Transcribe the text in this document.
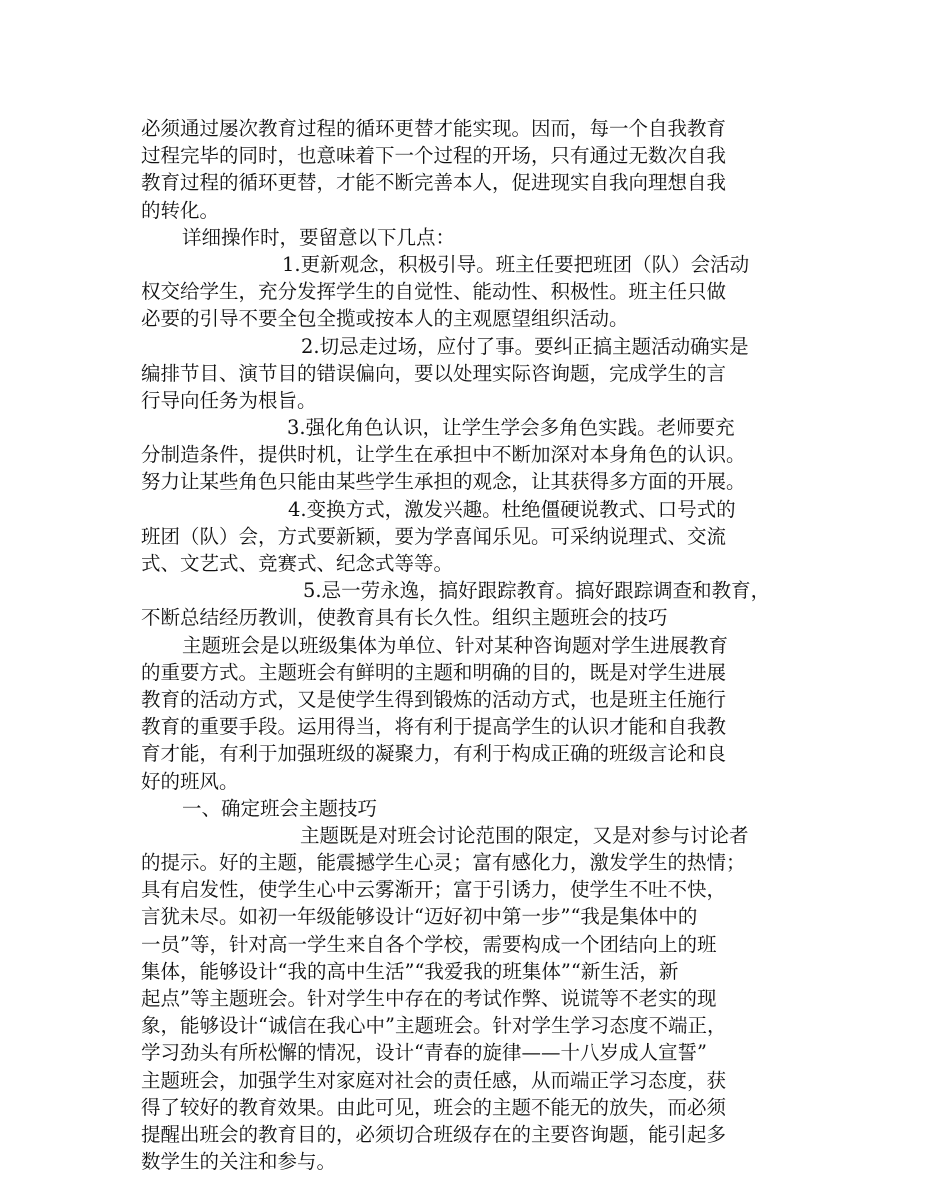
必须通过屡次教育过程的循环更替才能实现。因而，每一个自我教育
过程完毕的同时，也意味着下一个过程的开场，只有通过无数次自我
教育过程的循环更替，才能不断完善本人，促进现实自我向理想自我
的转化。
详细操作时，要留意以下几点：
1.更新观念，积极引导。班主任要把班团（队）会活动
权交给学生，充分发挥学生的自觉性、能动性、积极性。班主任只做
必要的引导不要全包全揽或按本人的主观愿望组织活动。
2.切忌走过场，应付了事。要纠正搞主题活动确实是
编排节目、演节目的错误偏向，要以处理实际咨询题，完成学生的言
行导向任务为根旨。
3.强化角色认识，让学生学会多角色实践。老师要充
分制造条件，提供时机，让学生在承担中不断加深对本身角色的认识。
努力让某些角色只能由某些学生承担的观念，让其获得多方面的开展。
4.变换方式，激发兴趣。杜绝僵硬说教式、口号式的
班团（队）会，方式要新颖，要为学喜闻乐见。可采纳说理式、交流
式、文艺式、竞赛式、纪念式等等。
5.忌一劳永逸，搞好跟踪教育。搞好跟踪调查和教育，
不断总结经历教训，使教育具有长久性。组织主题班会的技巧
主题班会是以班级集体为单位、针对某种咨询题对学生进展教育
的重要方式。主题班会有鲜明的主题和明确的目的，既是对学生进展
教育的活动方式，又是使学生得到锻炼的活动方式，也是班主任施行
教育的重要手段。运用得当，将有利于提高学生的认识才能和自我教
育才能，有利于加强班级的凝聚力，有利于构成正确的班级言论和良
好的班风。
一、确定班会主题技巧
主题既是对班会讨论范围的限定，又是对参与讨论者
的提示。好的主题，能震撼学生心灵；富有感化力，激发学生的热情；
具有启发性，使学生心中云雾渐开；富于引诱力，使学生不吐不快，
言犹未尽。如初一年级能够设计“迈好初中第一步”“我是集体中的
一员”等，针对高一学生来自各个学校，需要构成一个团结向上的班
集体，能够设计“我的高中生活”“我爱我的班集体”“新生活，新
起点”等主题班会。针对学生中存在的考试作弊、说谎等不老实的现
象，能够设计“诚信在我心中”主题班会。针对学生学习态度不端正，
学习劲头有所松懈的情况，设计“青春的旋律——十八岁成人宣誓”
主题班会，加强学生对家庭对社会的责任感，从而端正学习态度，获
得了较好的教育效果。由此可见，班会的主题不能无的放失，而必须
提醒出班会的教育目的，必须切合班级存在的主要咨询题，能引起多
数学生的关注和参与。
